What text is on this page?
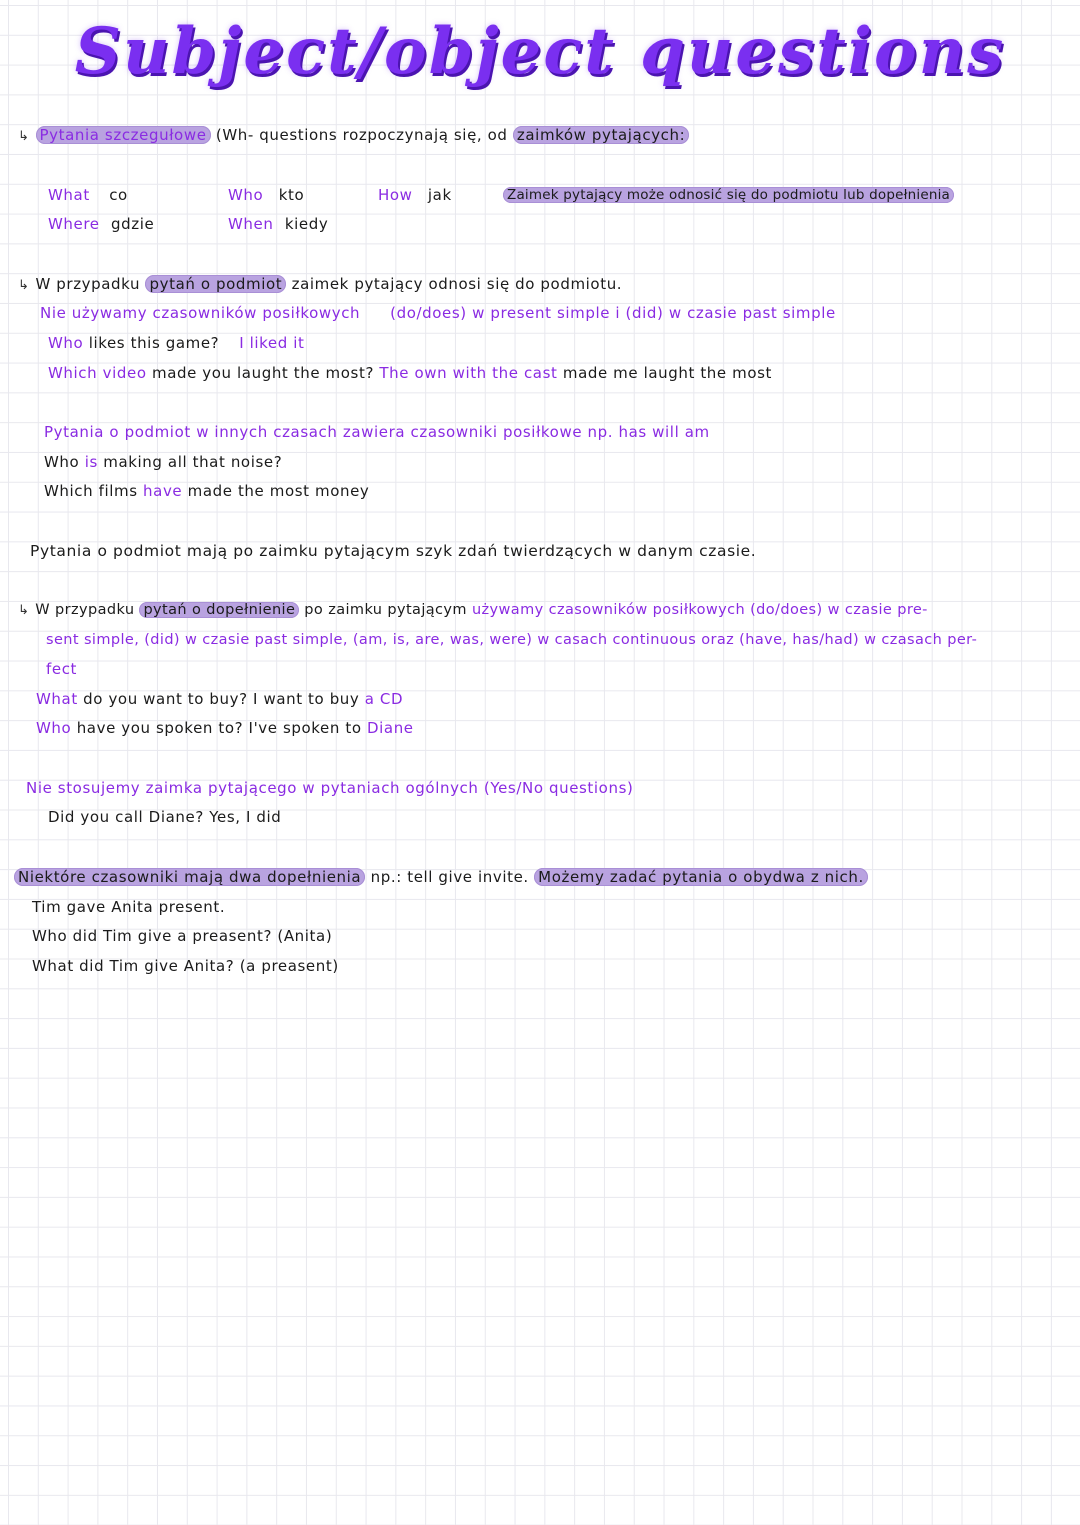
Subject/object questions
↳ Pytania szczegułowe (Wh- questions rozpoczynają się, od zaimków pytających:
What co	Who kto	How jak	Zaimek pytający może odnosić się do podmiotu lub dopełnienia
Where gdzie	When kiedy
↳ W przypadku pytań o podmiot zaimek pytający odnosi się do podmiotu.
Nie używamy czasowników posiłkowych (do/does) w present simple i (did) w czasie past simple
Who likes this game? I liked it
Which video made you laught the most? The own with the cast made me laught the most
Pytania o podmiot w innych czasach zawiera czasowniki posiłkowe np. has will am
Who is making all that noise?
Which films have made the most money
Pytania o podmiot mają po zaimku pytającym szyk zdań twierdzących w danym czasie.
↳ W przypadku pytań o dopełnienie po zaimku pytającym używamy czasowników posiłkowych (do/does) w czasie pre-
sent simple, (did) w czasie past simple, (am, is, are, was, were) w casach continuous oraz (have, has/had) w czasach per-
fect
What do you want to buy? I want to buy a CD
Who have you spoken to? I've spoken to Diane
Nie stosujemy zaimka pytającego w pytaniach ogólnych (Yes/No questions)
Did you call Diane? Yes, I did
Niektóre czasowniki mają dwa dopełnienia np.: tell give invite. Możemy zadać pytania o obydwa z nich.
Tim gave Anita present.
Who did Tim give a preasent? (Anita)
What did Tim give Anita? (a preasent)
